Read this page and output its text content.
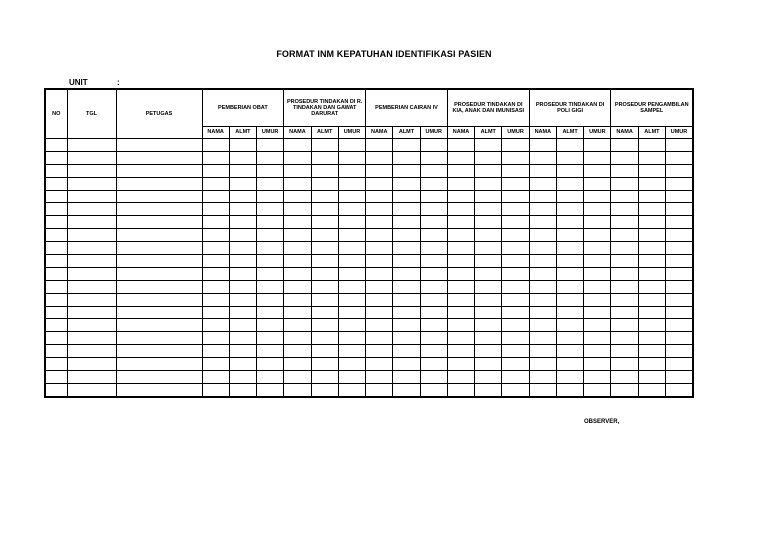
FORMAT INM KEPATUHAN IDENTIFIKASI PASIEN
UNIT	:
NO	TGL	PETUGAS	PEMBERIAN OBAT			PROSEDUR TINDAKAN DI R. TINDAKAN DAN GAWAT DARURAT			PEMBERIAN CAIRAN IV			PROSEDUR TINDAKAN DI KIA, ANAK DAN IMUNISASI			PROSEDUR TINDAKAN DI POLI GIGI			PROSEDUR PENGAMBILAN SAMPEL		
			NAMA	ALMT	UMUR	NAMA	ALMT	UMUR	NAMA	ALMT	UMUR	NAMA	ALMT	UMUR	NAMA	ALMT	UMUR	NAMA	ALMT	UMUR

OBSERVER,
